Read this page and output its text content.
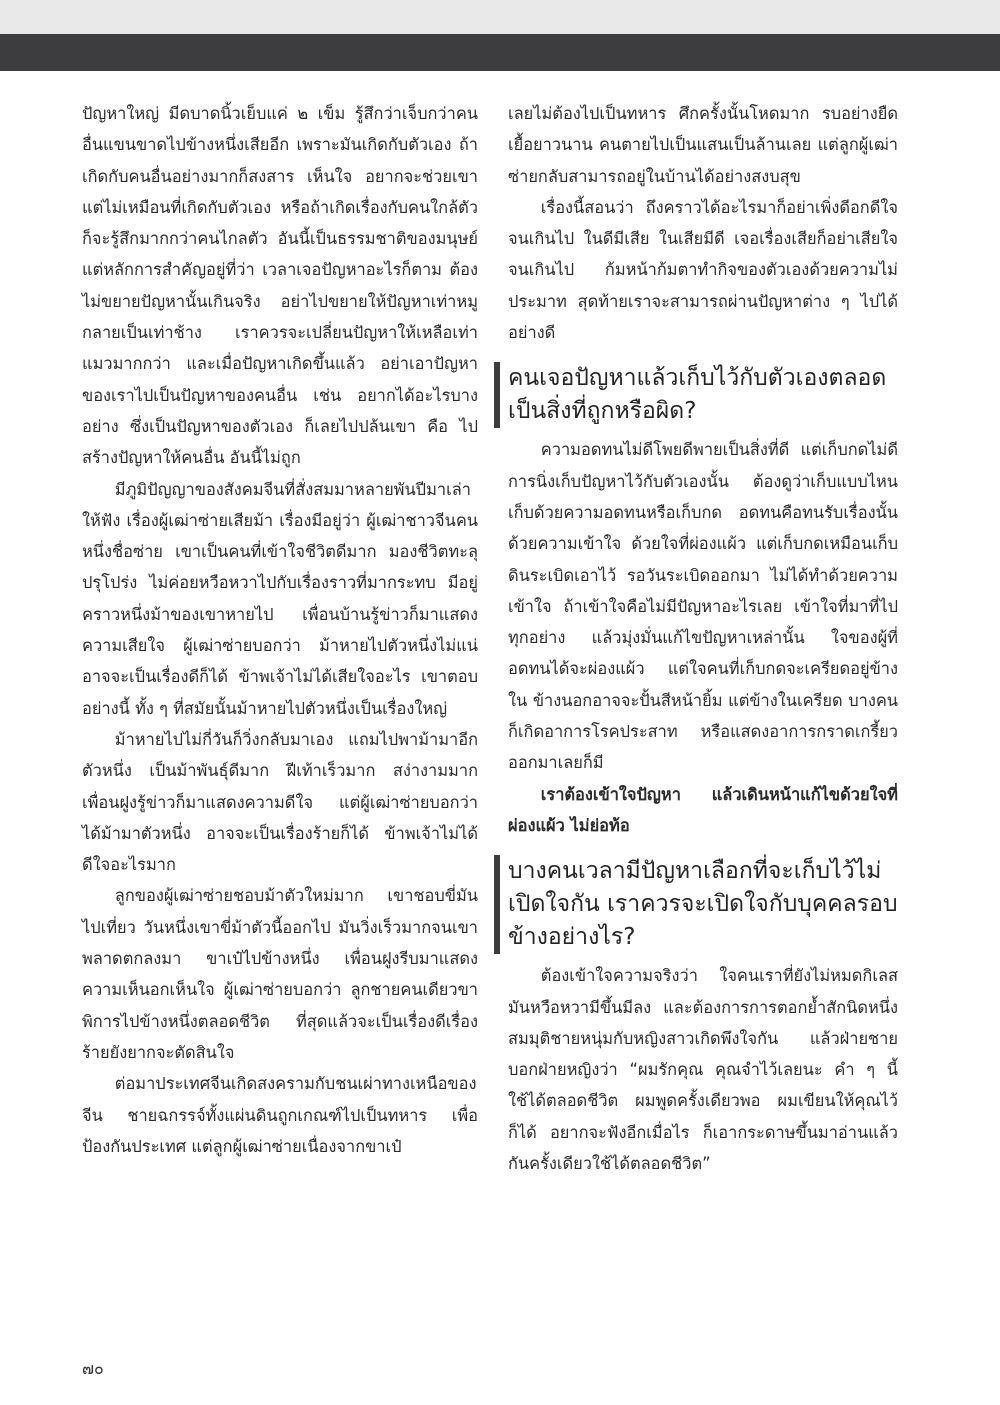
ปัญหาใหญ่ มีดบาดนิ้วเย็บแค่ ๒ เข็ม รู้สึกว่าเจ็บกว่าคนอื่นแขนขาดไปข้างหนึ่งเสียอีก เพราะมันเกิดกับตัวเอง ถ้าเกิดกับคนอื่นอย่างมากก็สงสาร เห็นใจ อยากจะช่วยเขา แต่ไม่เหมือนที่เกิดกับตัวเอง หรือถ้าเกิดเรื่องกับคนใกล้ตัวก็จะรู้สึกมากกว่าคนไกลตัว อันนี้เป็นธรรมชาติของมนุษย์ แต่หลักการสำคัญอยู่ที่ว่า เวลาเจอปัญหาอะไรก็ตาม ต้องไม่ขยายปัญหานั้นเกินจริง อย่าไปขยายให้ปัญหาเท่าหมูกลายเป็นเท่าช้าง เราควรจะเปลี่ยนปัญหาให้เหลือเท่าแมวมากกว่า และเมื่อปัญหาเกิดขึ้นแล้ว อย่าเอาปัญหาของเราไปเป็นปัญหาของคนอื่น เช่น อยากได้อะไรบางอย่าง ซึ่งเป็นปัญหาของตัวเอง ก็เลยไปปล้นเขา คือ ไปสร้างปัญหาให้คนอื่น อันนี้ไม่ถูก

มีภูมิปัญญาของสังคมจีนที่สั่งสมมาหลายพันปีมาเล่าให้ฟัง เรื่องผู้เฒ่าซ่ายเสียม้า เรื่องมีอยู่ว่า ผู้เฒ่าชาวจีนคนหนึ่งชื่อซ่าย เขาเป็นคนที่เข้าใจชีวิตดีมาก มองชีวิตทะลุปรุโปร่ง ไม่ค่อยหวือหวาไปกับเรื่องราวที่มากระทบ มีอยู่คราวหนึ่งม้าของเขาหายไป เพื่อนบ้านรู้ข่าวก็มาแสดงความเสียใจ ผู้เฒ่าซ่ายบอกว่า ม้าหายไปตัวหนึ่งไม่แน่อาจจะเป็นเรื่องดีก็ได้ ข้าพเจ้าไม่ได้เสียใจอะไร เขาตอบอย่างนี้ ทั้ง ๆ ที่สมัยนั้นม้าหายไปตัวหนึ่งเป็นเรื่องใหญ่

ม้าหายไปไม่กี่วันก็วิ่งกลับมาเอง แถมไปพาม้ามาอีกตัวหนึ่ง เป็นม้าพันธุ์ดีมาก ฝีเท้าเร็วมาก สง่างามมาก เพื่อนฝูงรู้ข่าวก็มาแสดงความดีใจ แต่ผู้เฒ่าซ่ายบอกว่า ได้ม้ามาตัวหนึ่ง อาจจะเป็นเรื่องร้ายก็ได้ ข้าพเจ้าไม่ได้ดีใจอะไรมาก

ลูกของผู้เฒ่าซ่ายชอบม้าตัวใหม่มาก เขาชอบขี่มันไปเที่ยว วันหนึ่งเขาขี่ม้าตัวนี้ออกไป มันวิ่งเร็วมากจนเขาพลาดตกลงมา ขาเป๋ไปข้างหนึ่ง เพื่อนฝูงรีบมาแสดงความเห็นอกเห็นใจ ผู้เฒ่าซ่ายบอกว่า ลูกชายคนเดียวขาพิการไปข้างหนึ่งตลอดชีวิต ที่สุดแล้วจะเป็นเรื่องดีเรื่องร้ายยังยากจะตัดสินใจ

ต่อมาประเทศจีนเกิดสงครามกับชนเผ่าทางเหนือของจีน ชายฉกรรจ์ทั้งแผ่นดินถูกเกณฑ์ไปเป็นทหาร เพื่อป้องกันประเทศ แต่ลูกผู้เฒ่าซ่ายเนื่องจากขาเป๋

เลยไม่ต้องไปเป็นทหาร ศึกครั้งนั้นโหดมาก รบอย่างยืดเยื้อยาวนาน คนตายไปเป็นแสนเป็นล้านเลย แต่ลูกผู้เฒ่าซ่ายกลับสามารถอยู่ในบ้านได้อย่างสงบสุข

เรื่องนี้สอนว่า ถึงคราวได้อะไรมาก็อย่าเพิ่งดีอกดีใจจนเกินไป ในดีมีเสีย ในเสียมีดี เจอเรื่องเสียก็อย่าเสียใจจนเกินไป ก้มหน้าก้มตาทำกิจของตัวเองด้วยความไม่ประมาท สุดท้ายเราจะสามารถผ่านปัญหาต่าง ๆ ไปได้อย่างดี

คนเจอปัญหาแล้วเก็บไว้กับตัวเองตลอดเป็นสิ่งที่ถูกหรือผิด?

ความอดทนไม่ดีโพยดีพายเป็นสิ่งที่ดี แต่เก็บกดไม่ดี การนิ่งเก็บปัญหาไว้กับตัวเองนั้น ต้องดูว่าเก็บแบบไหน เก็บด้วยความอดทนหรือเก็บกด อดทนคือทนรับเรื่องนั้นด้วยความเข้าใจ ด้วยใจที่ผ่องแผ้ว แต่เก็บกดเหมือนเก็บดินระเบิดเอาไว้ รอวันระเบิดออกมา ไม่ได้ทำด้วยความเข้าใจ ถ้าเข้าใจคือไม่มีปัญหาอะไรเลย เข้าใจที่มาที่ไปทุกอย่าง แล้วมุ่งมั่นแก้ไขปัญหาเหล่านั้น ใจของผู้ที่อดทนได้จะผ่องแผ้ว แต่ใจคนที่เก็บกดจะเครียดอยู่ข้างใน ข้างนอกอาจจะปั้นสีหน้ายิ้ม แต่ข้างในเครียด บางคนก็เกิดอาการโรคประสาท หรือแสดงอาการกราดเกรี้ยวออกมาเลยก็มี

เราต้องเข้าใจปัญหา แล้วเดินหน้าแก้ไขด้วยใจที่ผ่องแผ้ว ไม่ย่อท้อ

บางคนเวลามีปัญหาเลือกที่จะเก็บไว้ไม่เปิดใจกัน เราควรจะเปิดใจกับบุคคลรอบข้างอย่างไร?

ต้องเข้าใจความจริงว่า ใจคนเราที่ยังไม่หมดกิเลสมันหวือหวามีขึ้นมีลง และต้องการการตอกย้ำสักนิดหนึ่ง สมมุติชายหนุ่มกับหญิงสาวเกิดพึงใจกัน แล้วฝ่ายชายบอกฝ่ายหญิงว่า “ผมรักคุณ คุณจำไว้เลยนะ คำ ๆ นี้ใช้ได้ตลอดชีวิต ผมพูดครั้งเดียวพอ ผมเขียนให้คุณไว้ก็ได้ อยากจะฟังอีกเมื่อไร ก็เอากระดาษขึ้นมาอ่านแล้วกันครั้งเดียวใช้ได้ตลอดชีวิต”

๗๐
